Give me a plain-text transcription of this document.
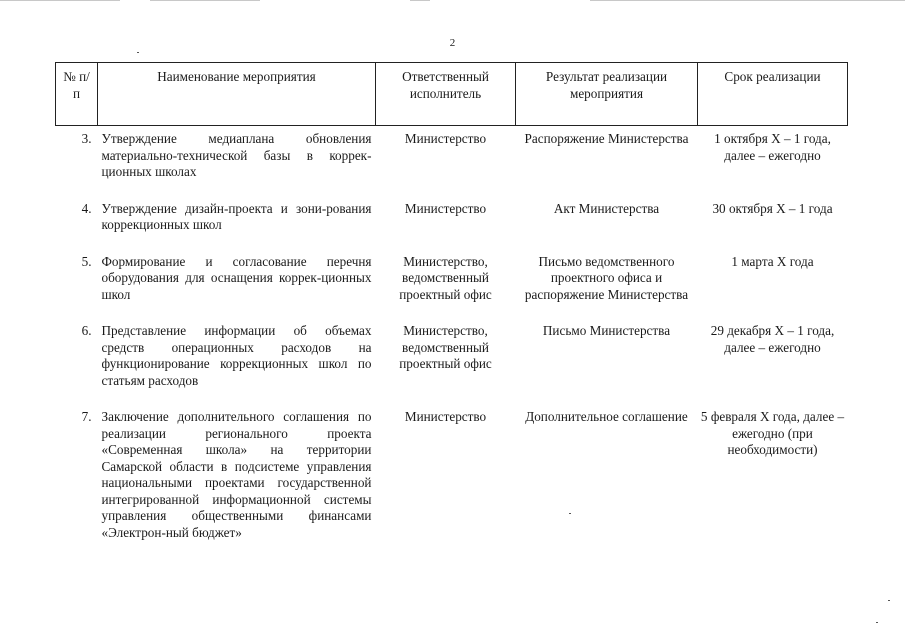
2
№ п/п	Наименование мероприятия	Ответственный исполнитель	Результат реализации мероприятия	Срок реализации
3.	Утверждение медиаплана обновления материально-технической базы в коррек-ционных школах	Министерство	Распоряжение Министерства	1 октября X – 1 года, далее – ежегодно
4.	Утверждение дизайн-проекта и зони-рования коррекционных школ	Министерство	Акт Министерства	30 октября X – 1 года
5.	Формирование и согласование перечня оборудования для оснащения коррек-ционных школ	Министерство, ведомственный проектный офис	Письмо ведомственного проектного офиса и распоряжение Министерства	1 марта X года
6.	Представление информации об объемах средств операционных расходов на функционирование коррекционных школ по статьям расходов	Министерство, ведомственный проектный офис	Письмо Министерства	29 декабря X – 1 года, далее – ежегодно
7.	Заключение дополнительного соглашения по реализации регионального проекта «Современная школа» на территории Самарской области в подсистеме управления национальными проектами государственной интегрированной информационной системы управления общественными финансами «Электрон-ный бюджет»	Министерство	Дополнительное соглашение	5 февраля X года, далее – ежегодно (при необходимости)
